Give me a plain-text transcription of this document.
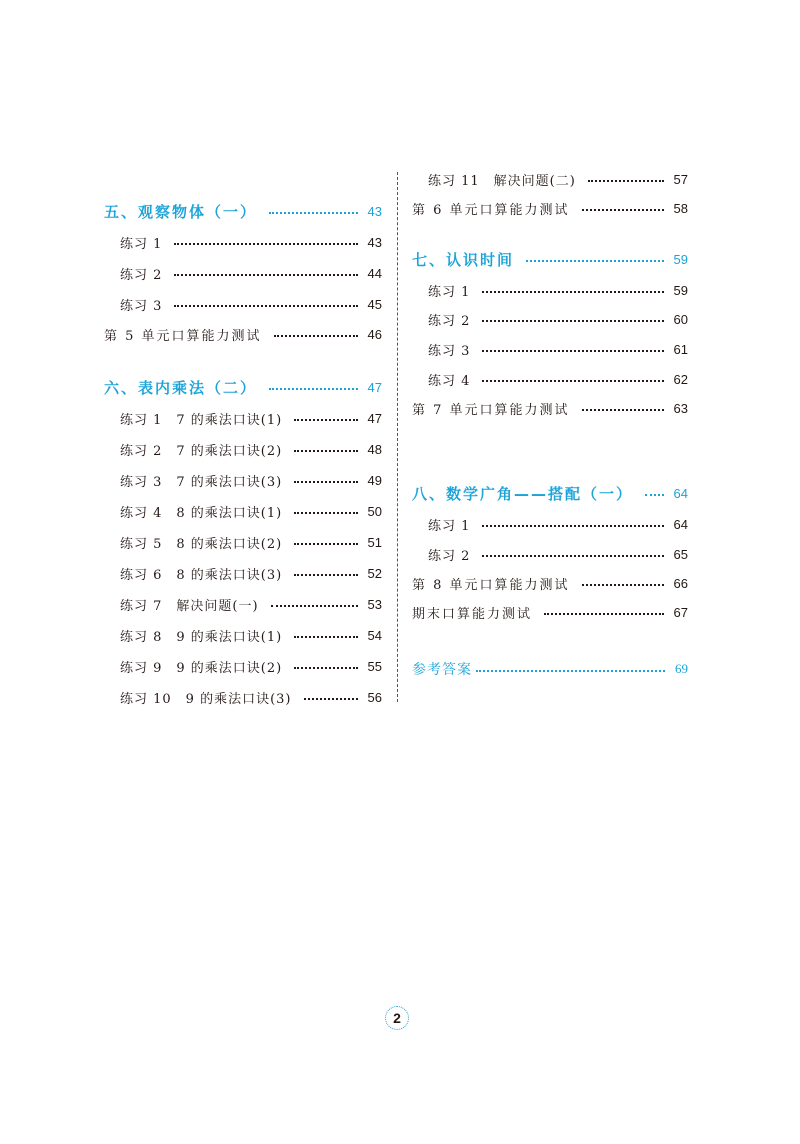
五、观察物体（一）	43
练习 1	43
练习 2	44
练习 3	45
第 5 单元口算能力测试	46
六、表内乘法（二）	47
练习 1　7 的乘法口诀(1)	47
练习 2　7 的乘法口诀(2)	48
练习 3　7 的乘法口诀(3)	49
练习 4　8 的乘法口诀(1)	50
练习 5　8 的乘法口诀(2)	51
练习 6　8 的乘法口诀(3)	52
练习 7　解决问题(一)	53
练习 8　9 的乘法口诀(1)	54
练习 9　9 的乘法口诀(2)	55
练习 10　9 的乘法口诀(3)	56
练习 11　解决问题(二)	57
第 6 单元口算能力测试	58
七、认识时间	59
练习 1	59
练习 2	60
练习 3	61
练习 4	62
第 7 单元口算能力测试	63
八、数学广角——搭配（一）	64
练习 1	64
练习 2	65
第 8 单元口算能力测试	66
期末口算能力测试	67
参考答案	69
2
